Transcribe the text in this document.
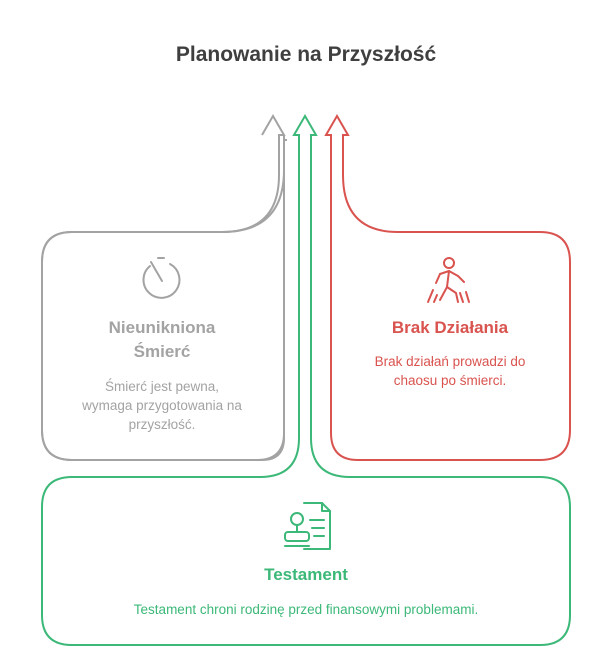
Planowanie na Przyszłość
Nieunikniona Śmierć
Śmierć jest pewna, wymaga przygotowania na przyszłość.
Brak Działania
Brak działań prowadzi do chaosu po śmierci.
Testament
Testament chroni rodzinę przed finansowymi problemami.
